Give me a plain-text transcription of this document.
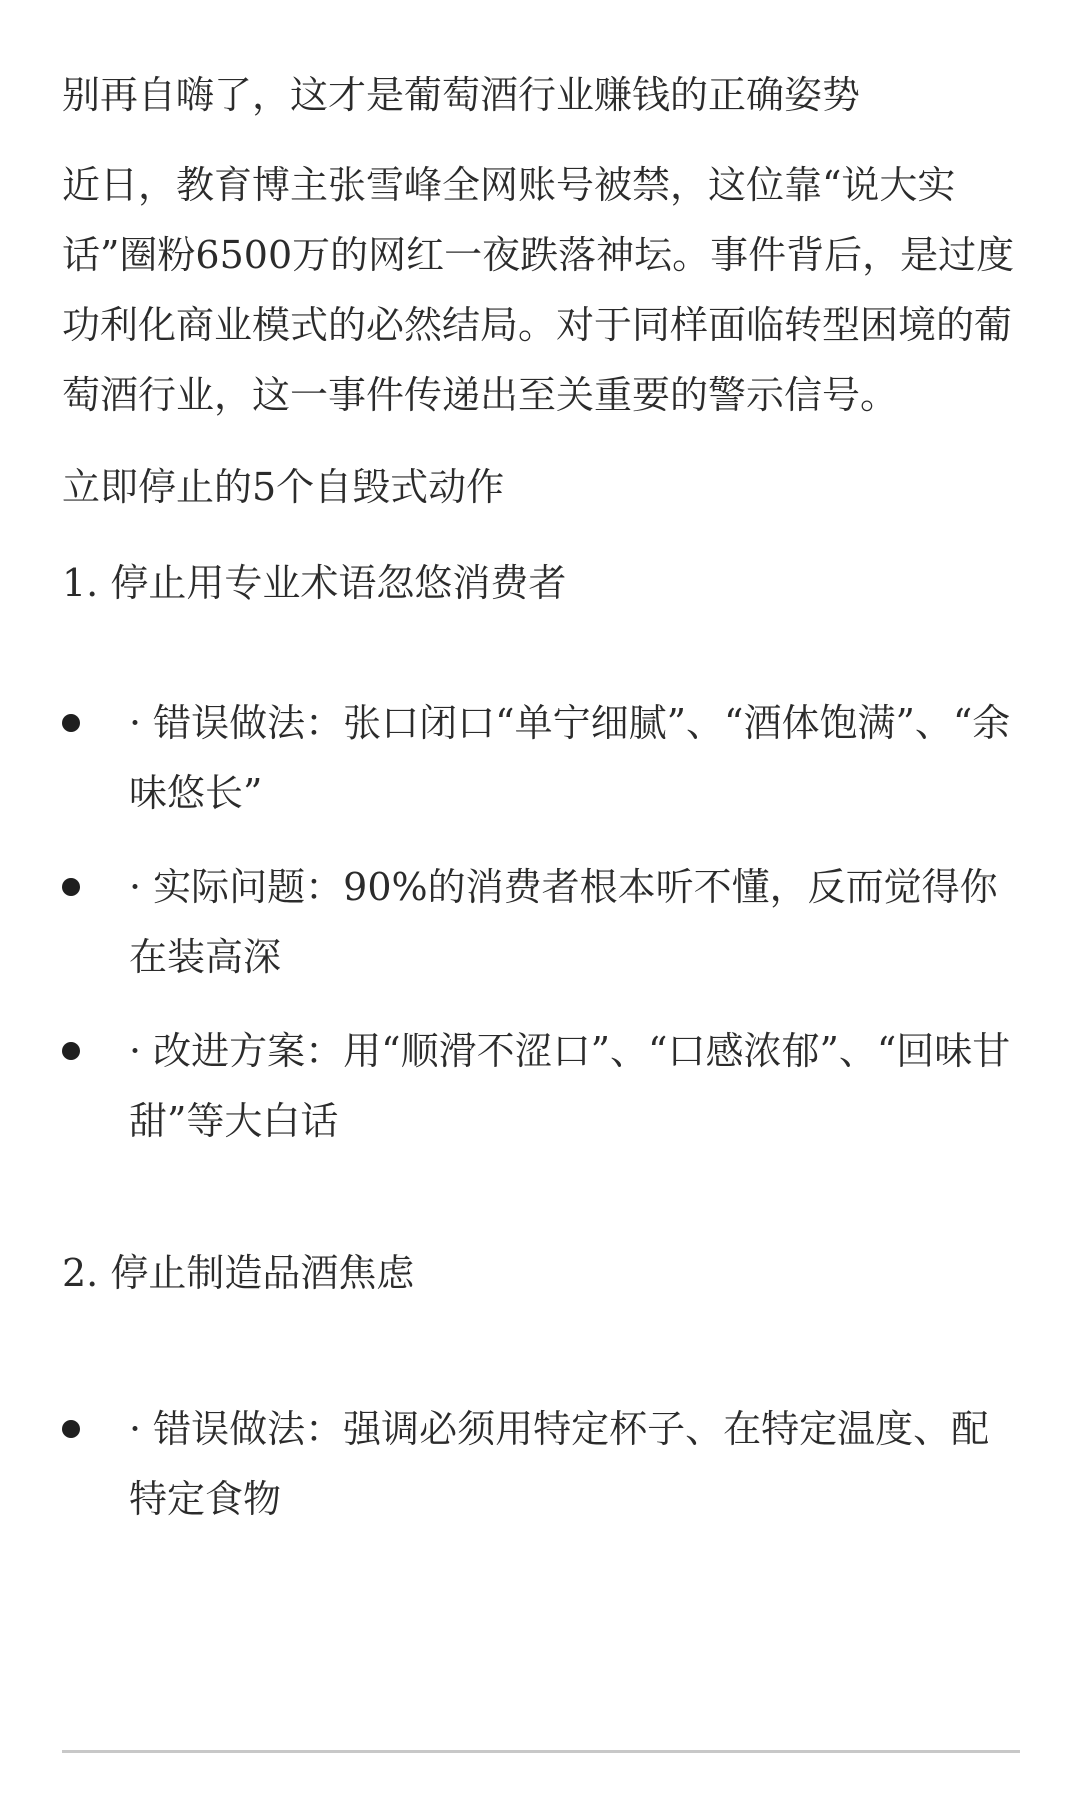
别再自嗨了，这才是葡萄酒行业赚钱的正确姿势

近日，教育博主张雪峰全网账号被禁，这位靠“说大实话”圈粉6500万的网红一夜跌落神坛。事件背后，是过度功利化商业模式的必然结局。对于同样面临转型困境的葡萄酒行业，这一事件传递出至关重要的警示信号。

立即停止的5个自毁式动作

1. 停止用专业术语忽悠消费者

· 错误做法：张口闭口“单宁细腻”、“酒体饱满”、“余味悠长”
· 实际问题：90%的消费者根本听不懂，反而觉得你在装高深
· 改进方案：用“顺滑不涩口”、“口感浓郁”、“回味甘甜”等大白话

2. 停止制造品酒焦虑

· 错误做法：强调必须用特定杯子、在特定温度、配特定食物
